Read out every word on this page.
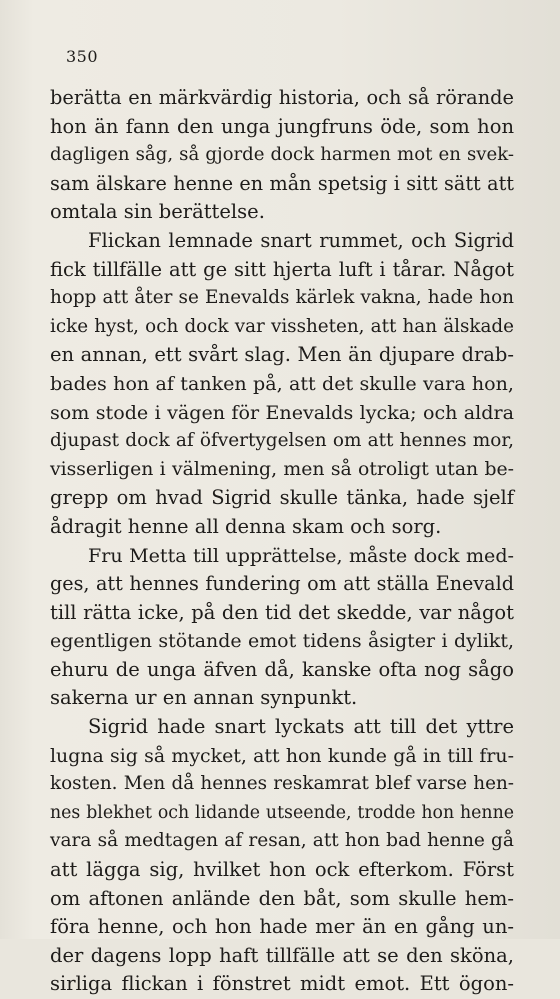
350
berätta en märkvärdig historia, och så rörande
hon än fann den unga jungfruns öde, som hon
dagligen såg, så gjorde dock harmen mot en svek-
sam älskare henne en mån spetsig i sitt sätt att
omtala sin berättelse.
Flickan lemnade snart rummet, och Sigrid
fick tillfälle att ge sitt hjerta luft i tårar. Något
hopp att åter se Enevalds kärlek vakna, hade hon
icke hyst, och dock var vissheten, att han älskade
en annan, ett svårt slag. Men än djupare drab-
bades hon af tanken på, att det skulle vara hon,
som stode i vägen för Enevalds lycka; och aldra
djupast dock af öfvertygelsen om att hennes mor,
visserligen i välmening, men så otroligt utan be-
grepp om hvad Sigrid skulle tänka, hade sjelf
ådragit henne all denna skam och sorg.
Fru Metta till upprättelse, måste dock med-
ges, att hennes fundering om att ställa Enevald
till rätta icke, på den tid det skedde, var något
egentligen stötande emot tidens åsigter i dylikt,
ehuru de unga äfven då, kanske ofta nog sågo
sakerna ur en annan synpunkt.
Sigrid hade snart lyckats att till det yttre
lugna sig så mycket, att hon kunde gå in till fru-
kosten. Men då hennes reskamrat blef varse hen-
nes blekhet och lidande utseende, trodde hon henne
vara så medtagen af resan, att hon bad henne gå
att lägga sig, hvilket hon ock efterkom. Först
om aftonen anlände den båt, som skulle hem-
föra henne, och hon hade mer än en gång un-
der dagens lopp haft tillfälle att se den sköna,
sirliga flickan i fönstret midt emot. Ett ögon-
